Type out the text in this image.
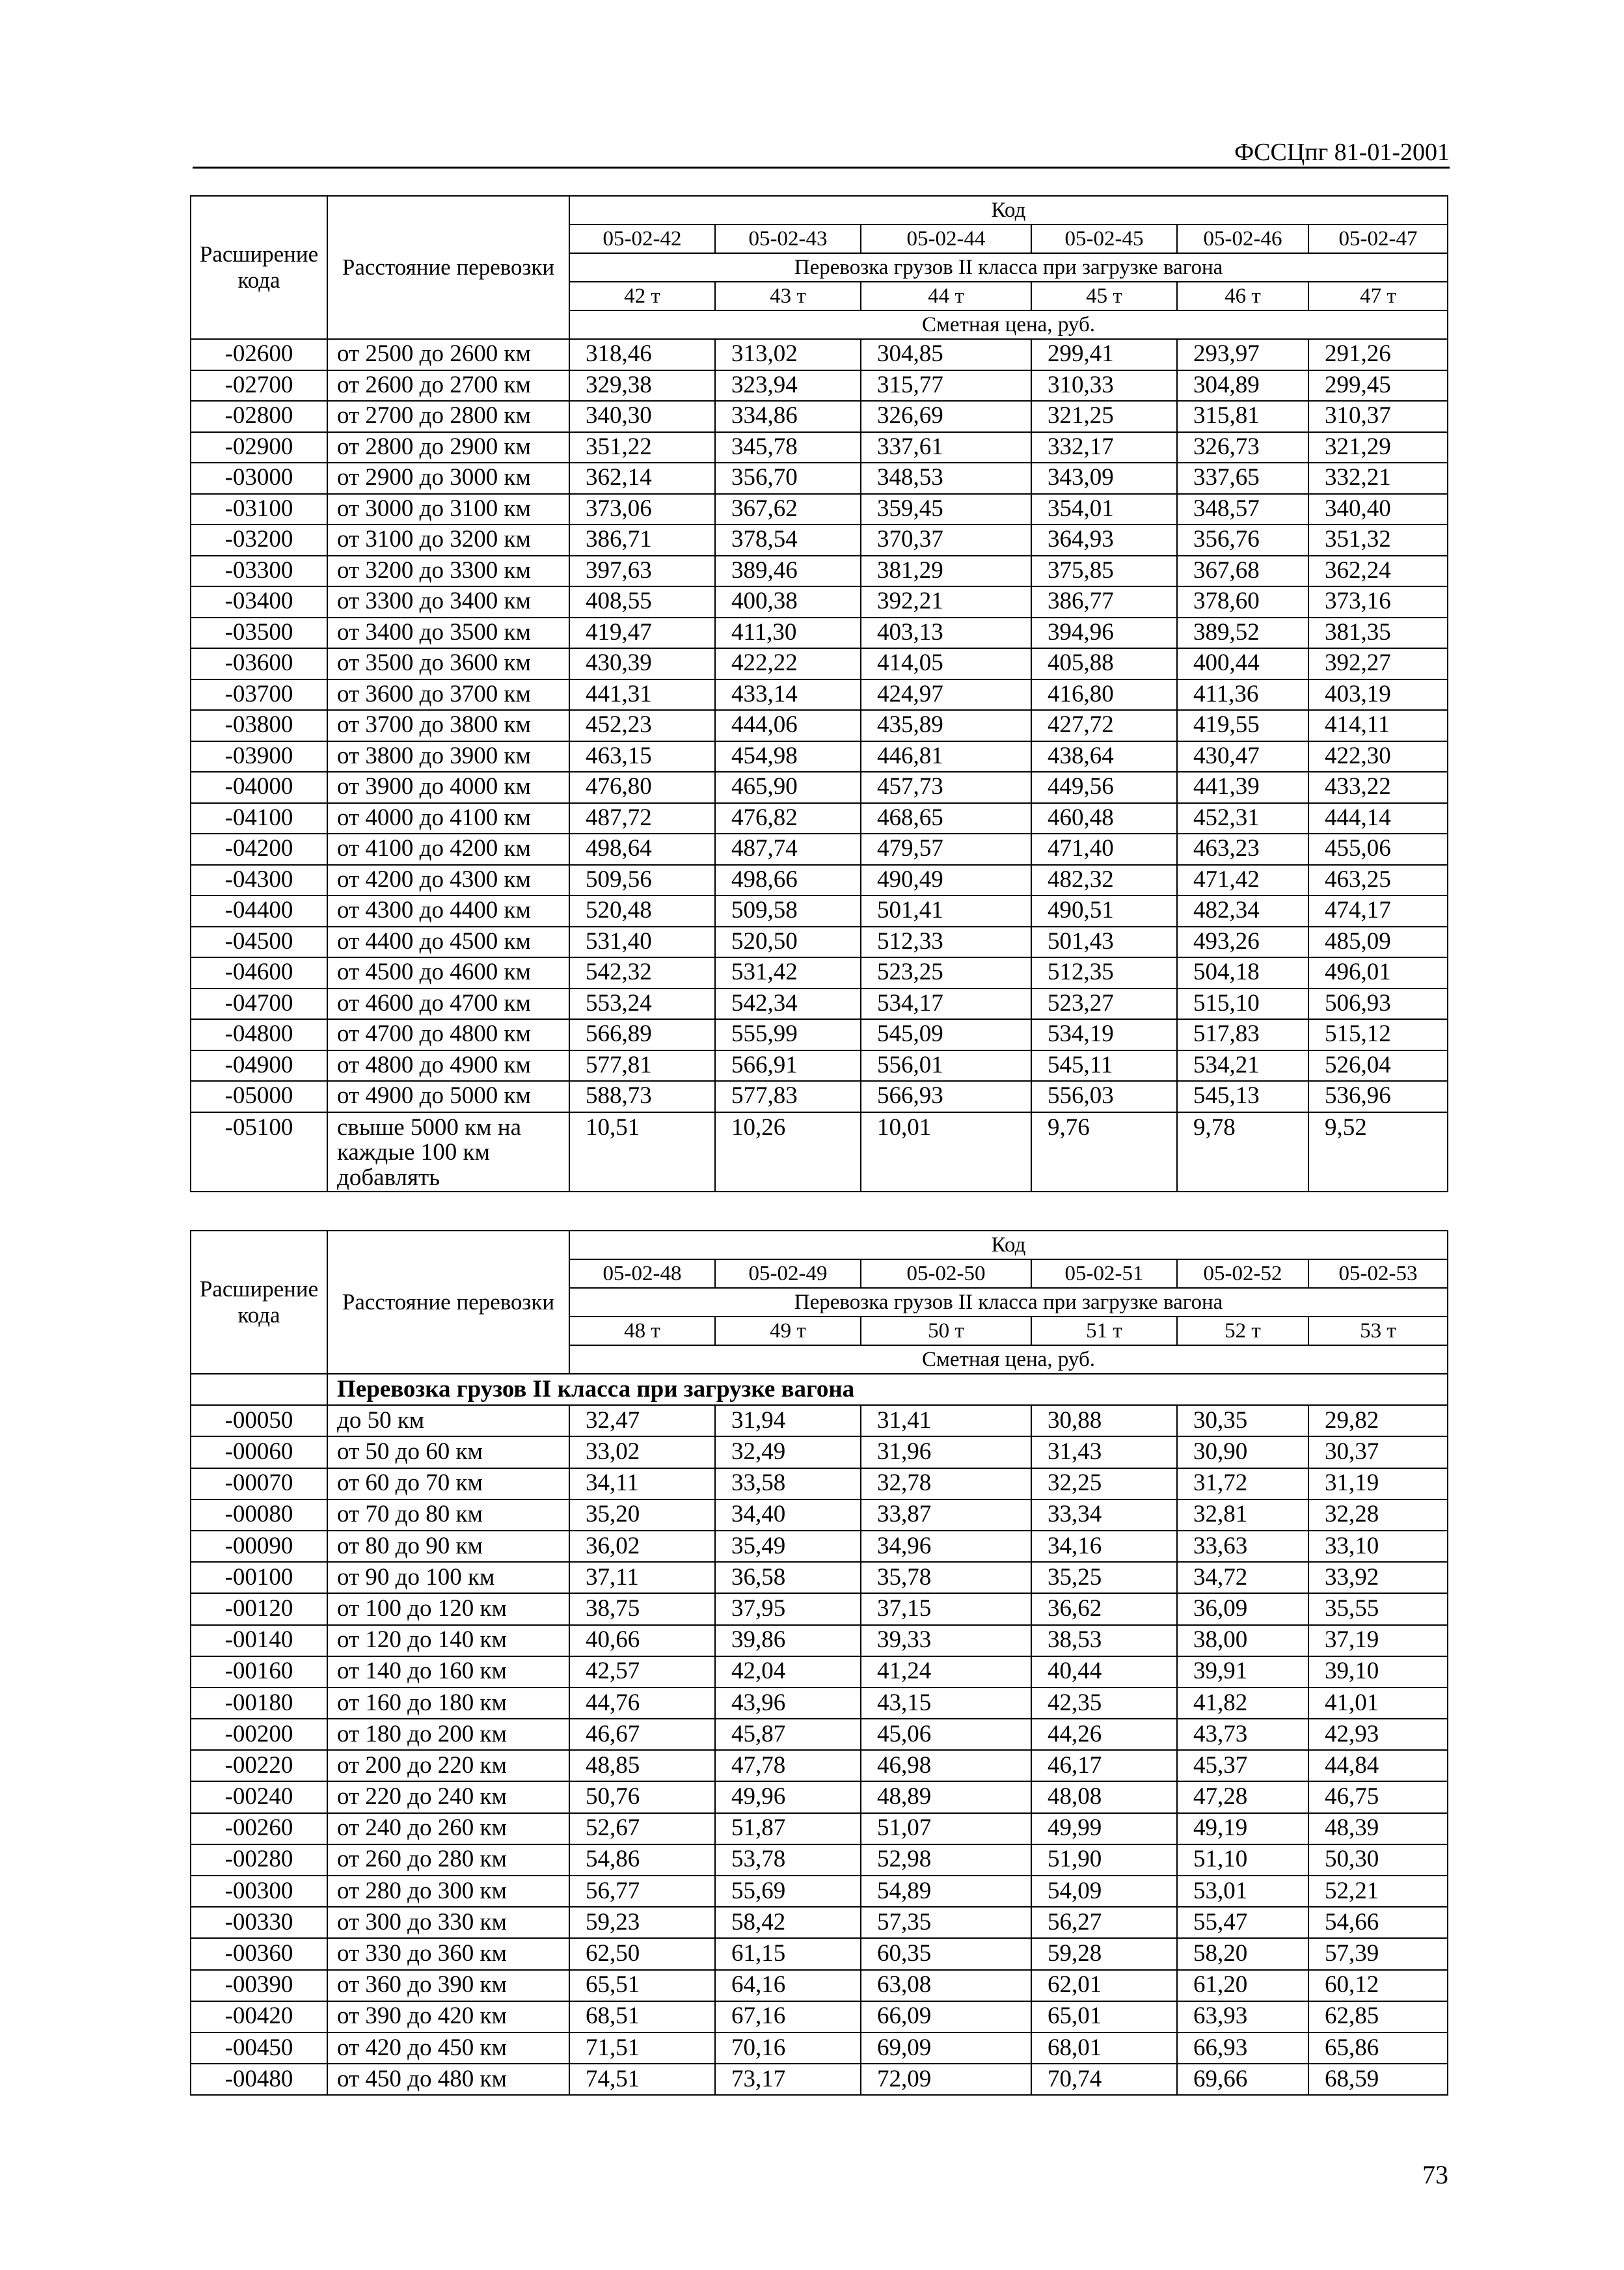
ФССЦпг 81-01-2001
Расширение кода	Расстояние перевозки	Код					
		05-02-42	05-02-43	05-02-44	05-02-45	05-02-46	05-02-47
		Перевозка грузов II класса при загрузке вагона					
		42 т	43 т	44 т	45 т	46 т	47 т
		Сметная цена, руб.					
-02600	от 2500 до 2600 км	318,46	313,02	304,85	299,41	293,97	291,26
-02700	от 2600 до 2700 км	329,38	323,94	315,77	310,33	304,89	299,45
-02800	от 2700 до 2800 км	340,30	334,86	326,69	321,25	315,81	310,37
-02900	от 2800 до 2900 км	351,22	345,78	337,61	332,17	326,73	321,29
-03000	от 2900 до 3000 км	362,14	356,70	348,53	343,09	337,65	332,21
-03100	от 3000 до 3100 км	373,06	367,62	359,45	354,01	348,57	340,40
-03200	от 3100 до 3200 км	386,71	378,54	370,37	364,93	356,76	351,32
-03300	от 3200 до 3300 км	397,63	389,46	381,29	375,85	367,68	362,24
-03400	от 3300 до 3400 км	408,55	400,38	392,21	386,77	378,60	373,16
-03500	от 3400 до 3500 км	419,47	411,30	403,13	394,96	389,52	381,35
-03600	от 3500 до 3600 км	430,39	422,22	414,05	405,88	400,44	392,27
-03700	от 3600 до 3700 км	441,31	433,14	424,97	416,80	411,36	403,19
-03800	от 3700 до 3800 км	452,23	444,06	435,89	427,72	419,55	414,11
-03900	от 3800 до 3900 км	463,15	454,98	446,81	438,64	430,47	422,30
-04000	от 3900 до 4000 км	476,80	465,90	457,73	449,56	441,39	433,22
-04100	от 4000 до 4100 км	487,72	476,82	468,65	460,48	452,31	444,14
-04200	от 4100 до 4200 км	498,64	487,74	479,57	471,40	463,23	455,06
-04300	от 4200 до 4300 км	509,56	498,66	490,49	482,32	471,42	463,25
-04400	от 4300 до 4400 км	520,48	509,58	501,41	490,51	482,34	474,17
-04500	от 4400 до 4500 км	531,40	520,50	512,33	501,43	493,26	485,09
-04600	от 4500 до 4600 км	542,32	531,42	523,25	512,35	504,18	496,01
-04700	от 4600 до 4700 км	553,24	542,34	534,17	523,27	515,10	506,93
-04800	от 4700 до 4800 км	566,89	555,99	545,09	534,19	517,83	515,12
-04900	от 4800 до 4900 км	577,81	566,91	556,01	545,11	534,21	526,04
-05000	от 4900 до 5000 км	588,73	577,83	566,93	556,03	545,13	536,96
-05100	свыше 5000 км на каждые 100 км добавлять	10,51	10,26	10,01	9,76	9,78	9,52
Расширение кода	Расстояние перевозки	Код					
		05-02-48	05-02-49	05-02-50	05-02-51	05-02-52	05-02-53
		Перевозка грузов II класса при загрузке вагона					
		48 т	49 т	50 т	51 т	52 т	53 т
		Сметная цена, руб.					
	Перевозка грузов II класса при загрузке вагона						
-00050	до 50 км	32,47	31,94	31,41	30,88	30,35	29,82
-00060	от 50 до 60 км	33,02	32,49	31,96	31,43	30,90	30,37
-00070	от 60 до 70 км	34,11	33,58	32,78	32,25	31,72	31,19
-00080	от 70 до 80 км	35,20	34,40	33,87	33,34	32,81	32,28
-00090	от 80 до 90 км	36,02	35,49	34,96	34,16	33,63	33,10
-00100	от 90 до 100 км	37,11	36,58	35,78	35,25	34,72	33,92
-00120	от 100 до 120 км	38,75	37,95	37,15	36,62	36,09	35,55
-00140	от 120 до 140 км	40,66	39,86	39,33	38,53	38,00	37,19
-00160	от 140 до 160 км	42,57	42,04	41,24	40,44	39,91	39,10
-00180	от 160 до 180 км	44,76	43,96	43,15	42,35	41,82	41,01
-00200	от 180 до 200 км	46,67	45,87	45,06	44,26	43,73	42,93
-00220	от 200 до 220 км	48,85	47,78	46,98	46,17	45,37	44,84
-00240	от 220 до 240 км	50,76	49,96	48,89	48,08	47,28	46,75
-00260	от 240 до 260 км	52,67	51,87	51,07	49,99	49,19	48,39
-00280	от 260 до 280 км	54,86	53,78	52,98	51,90	51,10	50,30
-00300	от 280 до 300 км	56,77	55,69	54,89	54,09	53,01	52,21
-00330	от 300 до 330 км	59,23	58,42	57,35	56,27	55,47	54,66
-00360	от 330 до 360 км	62,50	61,15	60,35	59,28	58,20	57,39
-00390	от 360 до 390 км	65,51	64,16	63,08	62,01	61,20	60,12
-00420	от 390 до 420 км	68,51	67,16	66,09	65,01	63,93	62,85
-00450	от 420 до 450 км	71,51	70,16	69,09	68,01	66,93	65,86
-00480	от 450 до 480 км	74,51	73,17	72,09	70,74	69,66	68,59
73
